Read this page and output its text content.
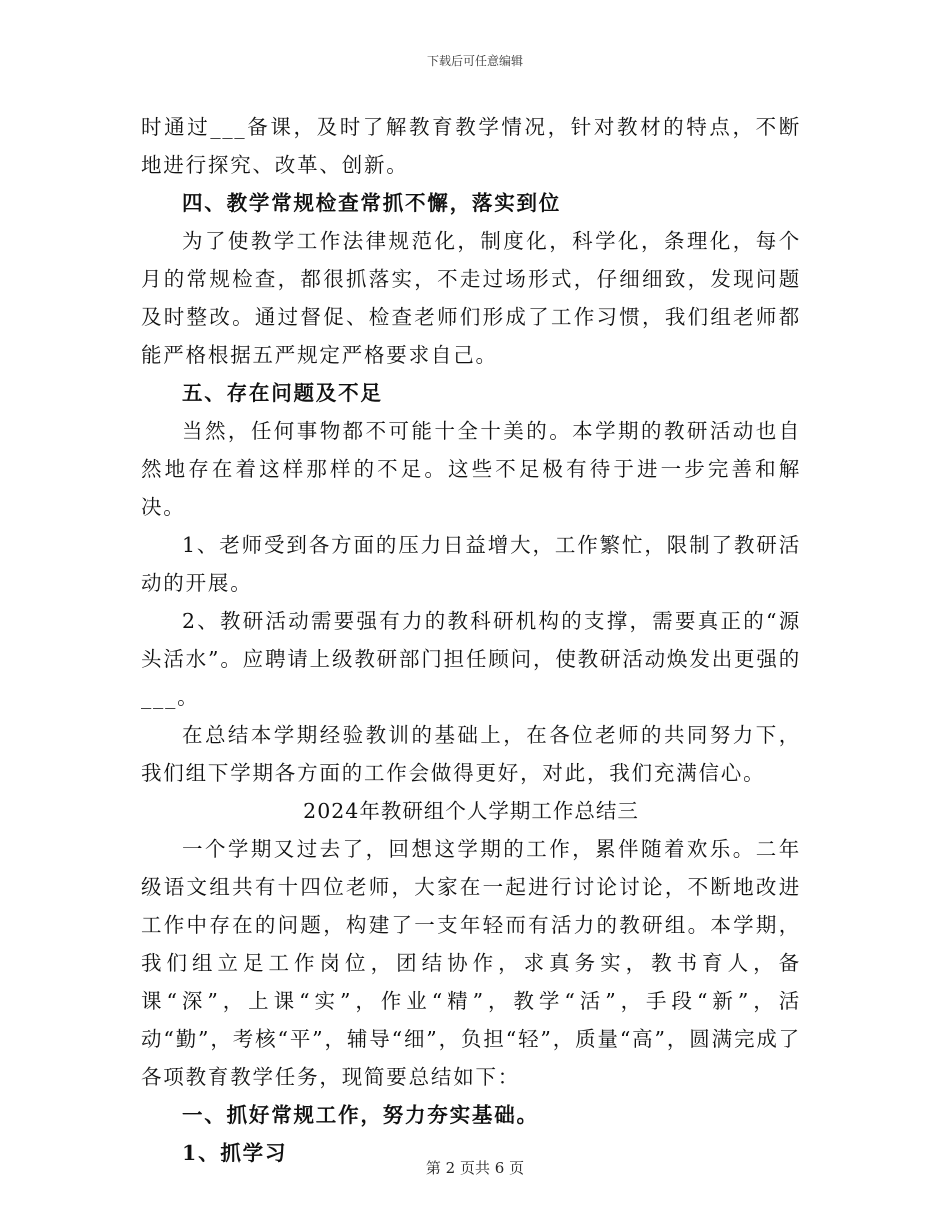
下载后可任意编辑

时通过___备课，及时了解教育教学情况，针对教材的特点，不断地进行探究、改革、创新。

四、教学常规检查常抓不懈，落实到位

为了使教学工作法律规范化，制度化，科学化，条理化，每个月的常规检查，都很抓落实，不走过场形式，仔细细致，发现问题及时整改。通过督促、检查老师们形成了工作习惯，我们组老师都能严格根据五严规定严格要求自己。

五、存在问题及不足

当然，任何事物都不可能十全十美的。本学期的教研活动也自然地存在着这样那样的不足。这些不足极有待于进一步完善和解决。

1、老师受到各方面的压力日益增大，工作繁忙，限制了教研活动的开展。

2、教研活动需要强有力的教科研机构的支撑，需要真正的“源头活水”。应聘请上级教研部门担任顾问，使教研活动焕发出更强的___。

在总结本学期经验教训的基础上，在各位老师的共同努力下，我们组下学期各方面的工作会做得更好，对此，我们充满信心。

2024年教研组个人学期工作总结三

一个学期又过去了，回想这学期的工作，累伴随着欢乐。二年级语文组共有十四位老师，大家在一起进行讨论讨论，不断地改进工作中存在的问题，构建了一支年轻而有活力的教研组。本学期，我们组立足工作岗位，团结协作，求真务实，教书育人，备课“深”，上课“实”，作业“精”，教学“活”，手段“新”，活动“勤”，考核“平”，辅导“细”，负担“轻”，质量“高”，圆满完成了各项教育教学任务，现简要总结如下：

一、抓好常规工作，努力夯实基础。

1、抓学习

第 2 页共 6 页
